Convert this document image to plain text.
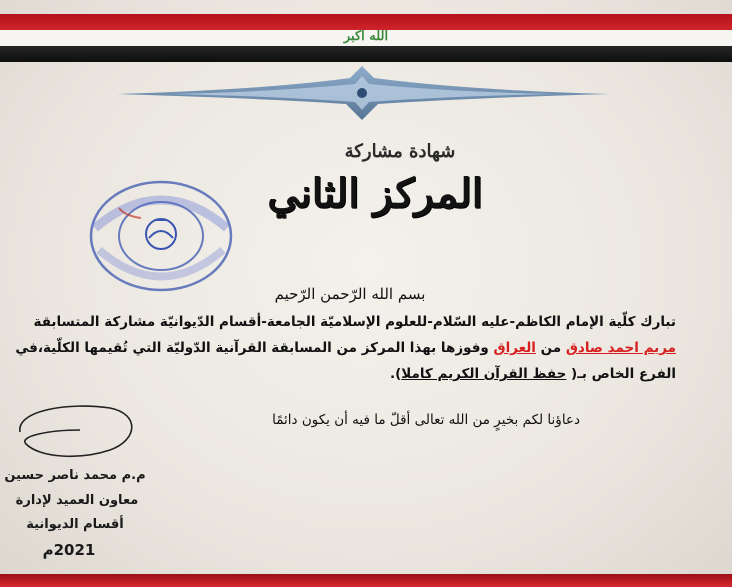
الله اكبر
شهادة مشاركة
المركز الثاني
بسم الله الرّحمن الرّحيم
تبارك كلّية الإمام الكاظم-عليه السّلام-للعلوم الإسلاميّة الجامعة-أقسام الدّيوانيّة مشاركة المتسابقة
مريم احمد صادق من العراق وفوزها بهذا المركز من المسابقة القرآنية الدّوليّة التي تُقيمها الكلّية،في
الفرع الخاص بـ( حفظ القرآن الكريم كاملا).
دعاؤنا لكم بخيرٍ من الله تعالى أقلّ ما فيه أن يكون دائمًا
م.م محمد ناصر حسين
معاون العميد لإدارة
أقسام الديوانية
2021م
